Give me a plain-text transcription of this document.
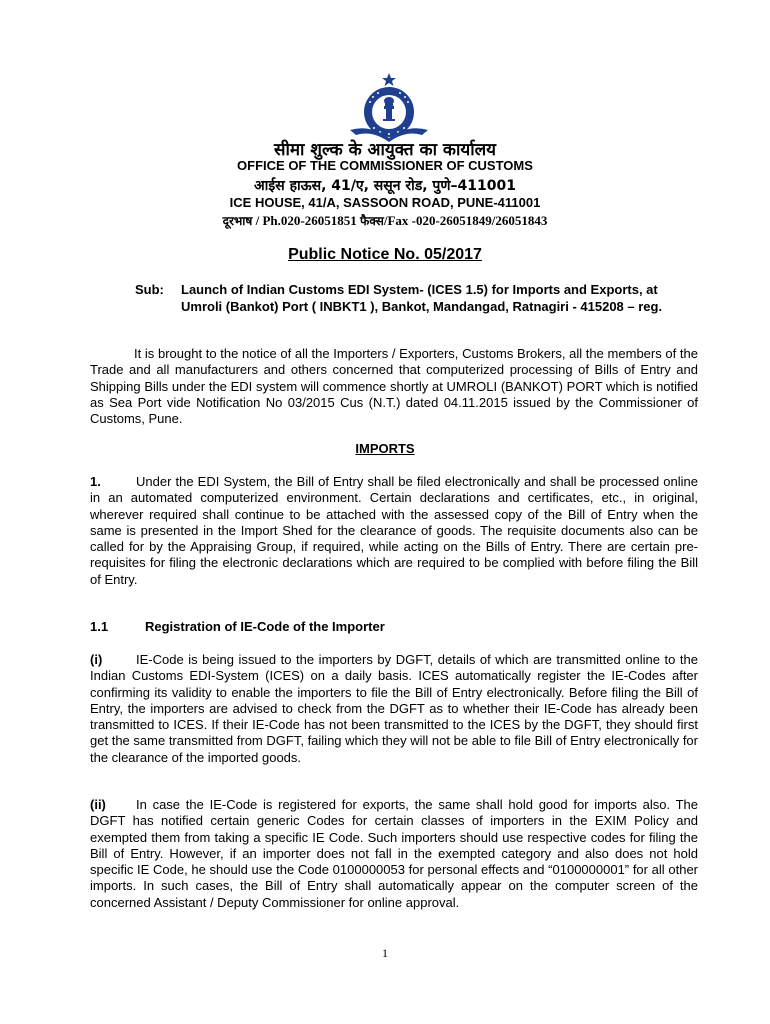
सीमा शुल्क के आयुक्त का कार्यालय
OFFICE OF THE COMMISSIONER OF CUSTOMS
आईस हाऊस, 41/ए, ससून रोड, पुणे–411001
ICE HOUSE, 41/A, SASSOON ROAD, PUNE-411001
दूरभाष / Ph.020-26051851 फैक्स/Fax -020-26051849/26051843
Public Notice No. 05/2017
Sub: Launch of Indian Customs EDI System- (ICES 1.5) for Imports and Exports, at Umroli (Bankot) Port ( INBKT1 ), Bankot, Mandangad, Ratnagiri - 415208 – reg.
It is brought to the notice of all the Importers / Exporters, Customs Brokers, all the members of the Trade and all manufacturers and others concerned that computerized processing of Bills of Entry and Shipping Bills under the EDI system will commence shortly at UMROLI (BANKOT) PORT which is notified as Sea Port vide Notification No 03/2015 Cus (N.T.) dated 04.11.2015 issued by the Commissioner of Customs, Pune.
IMPORTS
1.	Under the EDI System, the Bill of Entry shall be filed electronically and shall be processed online in an automated computerized environment. Certain declarations and certificates, etc., in original, wherever required shall continue to be attached with the assessed copy of the Bill of Entry when the same is presented in the Import Shed for the clearance of goods. The requisite documents also can be called for by the Appraising Group, if required, while acting on the Bills of Entry. There are certain pre-requisites for filing the electronic declarations which are required to be complied with before filing the Bill of Entry.
1.1	Registration of IE-Code of the Importer
(i)	IE-Code is being issued to the importers by DGFT, details of which are transmitted online to the Indian Customs EDI-System (ICES) on a daily basis. ICES automatically register the IE-Codes after confirming its validity to enable the importers to file the Bill of Entry electronically. Before filing the Bill of Entry, the importers are advised to check from the DGFT as to whether their IE-Code has already been transmitted to ICES. If their IE-Code has not been transmitted to the ICES by the DGFT, they should first get the same transmitted from DGFT, failing which they will not be able to file Bill of Entry electronically for the clearance of the imported goods.
(ii) In case the IE-Code is registered for exports, the same shall hold good for imports also. The DGFT has notified certain generic Codes for certain classes of importers in the EXIM Policy and exempted them from taking a specific IE Code. Such importers should use respective codes for filing the Bill of Entry. However, if an importer does not fall in the exempted category and also does not hold specific IE Code, he should use the Code 0100000053 for personal effects and “0100000001” for all other imports. In such cases, the Bill of Entry shall automatically appear on the computer screen of the concerned Assistant / Deputy Commissioner for online approval.
1
